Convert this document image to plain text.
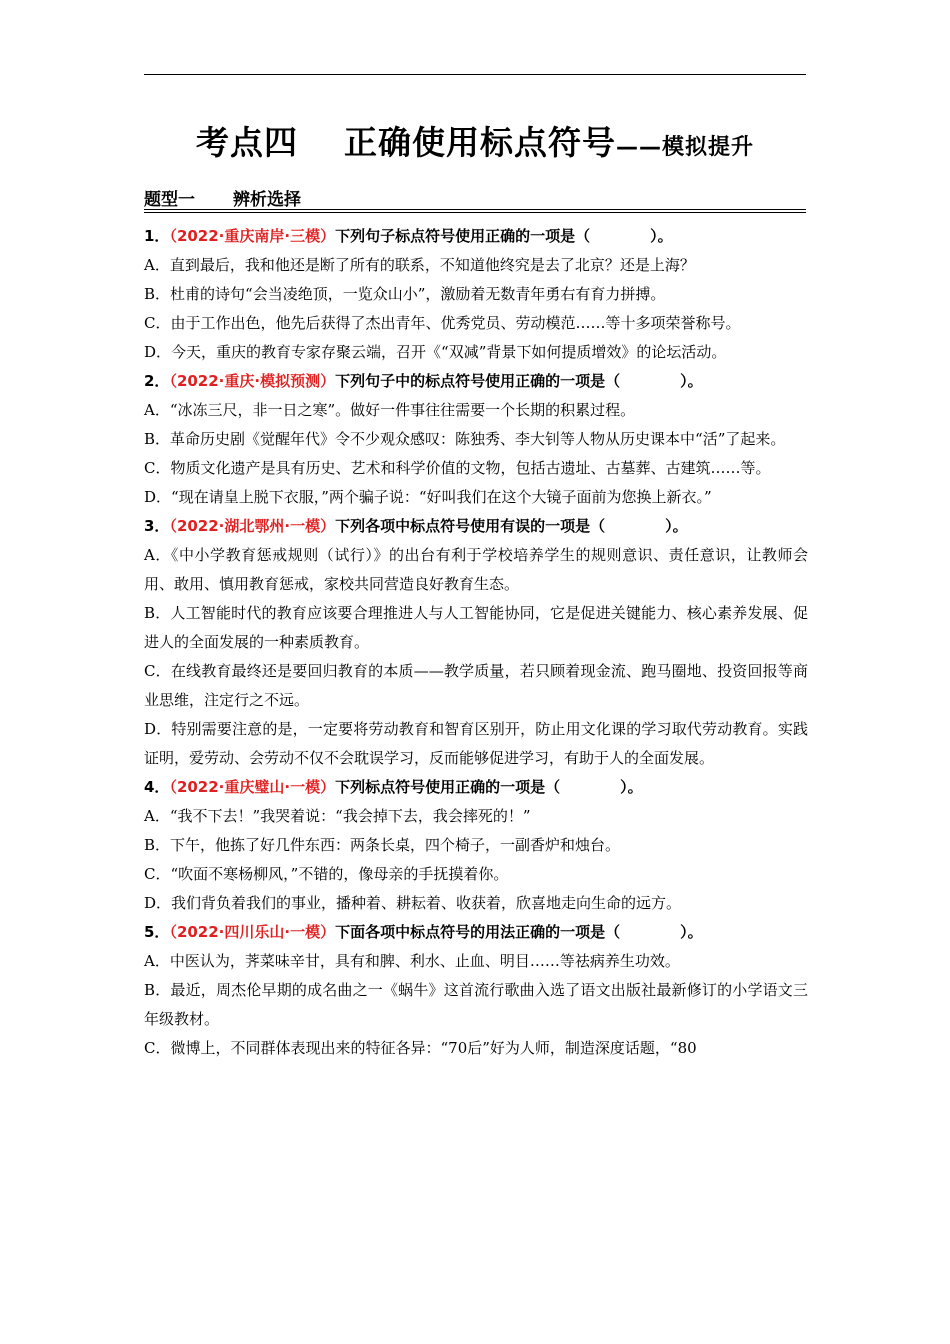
考点四 正确使用标点符号——模拟提升
题型一 辨析选择
1．（2022·重庆南岸·三模）下列句子标点符号使用正确的一项是（　　　　）。
A．直到最后，我和他还是断了所有的联系，不知道他终究是去了北京？还是上海？
B．杜甫的诗句“会当凌绝顶，一览众山小”，激励着无数青年勇右有育力拼搏。
C．由于工作出色，他先后获得了杰出青年、优秀党员、劳动模范……等十多项荣誉称号。
D．今天，重庆的教育专家存聚云端，召开《“双减”背景下如何提质增效》的论坛活动。
2．（2022·重庆·模拟预测）下列句子中的标点符号使用正确的一项是（　　　　）。
A．“冰冻三尺，非一日之寒”。做好一件事往往需要一个长期的积累过程。
B．革命历史剧《觉醒年代》令不少观众感叹：陈独秀、李大钊等人物从历史课本中“活”了起来。
C．物质文化遗产是具有历史、艺术和科学价值的文物，包括古遗址、古墓葬、古建筑……等。
D．“现在请皇上脱下衣服，”两个骗子说：“好叫我们在这个大镜子面前为您换上新衣。”
3．（2022·湖北鄂州·一模）下列各项中标点符号使用有误的一项是（　　　　）。
A．《中小学教育惩戒规则（试行）》的出台有利于学校培养学生的规则意识、责任意识，让教师会用、敢用、慎用教育惩戒，家校共同营造良好教育生态。
B．人工智能时代的教育应该要合理推进人与人工智能协同，它是促进关键能力、核心素养发展、促进人的全面发展的一种素质教育。
C．在线教育最终还是要回归教育的本质——教学质量，若只顾着现金流、跑马圈地、投资回报等商业思维，注定行之不远。
D．特别需要注意的是，一定要将劳动教育和智育区别开，防止用文化课的学习取代劳动教育。实践证明，爱劳动、会劳动不仅不会耽误学习，反而能够促进学习，有助于人的全面发展。
4．（2022·重庆璧山·一模）下列标点符号使用正确的一项是（　　　　）。
A．“我不下去！”我哭着说：“我会掉下去，我会摔死的！”
B．下午，他拣了好几件东西：两条长桌，四个椅子，一副香炉和烛台。
C．“吹面不寒杨柳风，”不错的，像母亲的手抚摸着你。
D．我们背负着我们的事业，播种着、耕耘着、收获着，欣喜地走向生命的远方。
5．（2022·四川乐山·一模）下面各项中标点符号的用法正确的一项是（　　　　）。
A．中医认为，荠菜味辛甘，具有和脾、利水、止血、明目……等祛病养生功效。
B．最近，周杰伦早期的成名曲之一《蜗牛》这首流行歌曲入选了语文出版社最新修订的小学语文三年级教材。
C．微博上，不同群体表现出来的特征各异：“70后”好为人师，制造深度话题，“80
